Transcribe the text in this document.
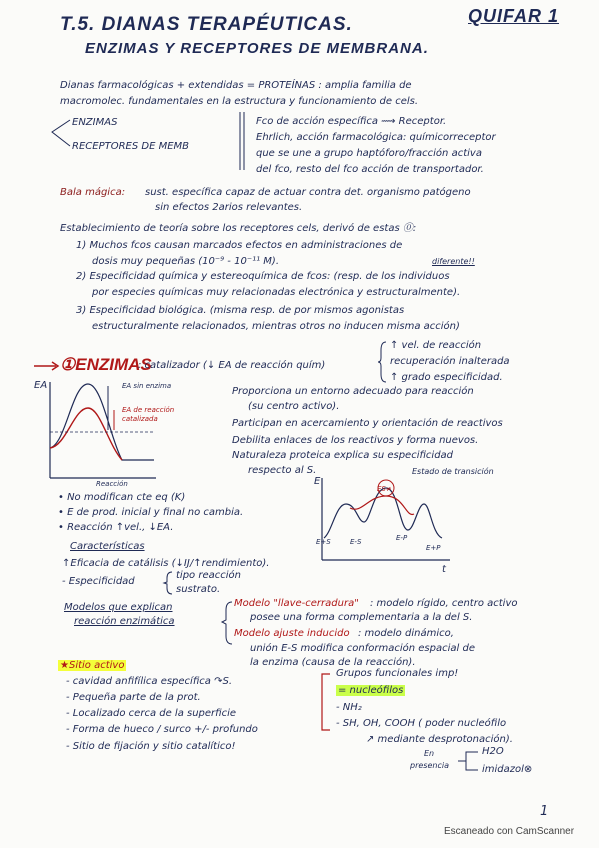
T.5. DIANAS TERAPÉUTICAS.
ENZIMAS Y RECEPTORES DE MEMBRANA.
QUIFAR 1
Dianas farmacológicas + extendidas = PROTEÍNAS : amplia familia de
macromolec. fundamentales en la estructura y funcionamiento de cels.
ENZIMAS
RECEPTORES DE MEMB
Fco de acción específica ⟿ Receptor.
Ehrlich, acción farmacológica: químicorreceptor
que se une a grupo haptóforo/fracción activa
del fco, resto del fco acción de transportador.
Bala mágica: sust. específica capaz de actuar contra det. organismo patógeno
sin efectos 2arios relevantes.
Establecimiento de teoría sobre los receptores cels, derivó de estas ⓪:
1) Muchos fcos causan marcados efectos en administraciones de
dosis muy pequeñas (10⁻⁹ - 10⁻¹¹ M).	diferente!!
2) Especificidad química y estereoquímica de fcos: (resp. de los individuos
por especies químicas muy relacionadas electrónica y estructuralmente).
3) Especificidad biológica. (misma resp. de por mismos agonistas
estructuralmente relacionados, mientras otros no inducen misma acción)
①ENZIMAS
: catalizador (↓ EA de reacción quím)
↑ vel. de reacción
recuperación inalterada
↑ grado especificidad.
EA	EA sin enzima
EA de reacción
catalizada
Reacción
Proporciona un entorno adecuado para reacción
(su centro activo).
Participan en acercamiento y orientación de reactivos
Debilita enlaces de los reactivos y forma nuevos.
Naturaleza proteica explica su especificidad
respecto al S.
• No modifican cte eq (K)
• E de prod. inicial y final no cambia.
• Reacción ↑vel., ↓EA.
E
t
ES≠
E+S	E-S	E-P
E+P
Estado de transición
Características
↑Eficacia de catálisis (↓IJ/↑rendimiento).
- Especificidad
tipo reacción
sustrato.
Modelos que explican
reacción enzimática
Modelo "llave-cerradura" : modelo rígido, centro activo
posee una forma complementaria a la del S.
Modelo ajuste inducido : modelo dinámico,
unión E-S modifica conformación espacial de
la enzima (causa de la reacción).
★Sitio activo
- cavidad anfifílica específica ↷S.
- Pequeña parte de la prot.
- Localizado cerca de la superficie
- Forma de hueco / surco +/- profundo
- Sitio de fijación y sitio catalítico!
Grupos funcionales imp!
= nucleófilos
- NH₂
- SH, OH, COOH ( poder nucleófilo
↗ mediante desprotonación).
En
presencia
H2O
imidazol⊗
1
Escaneado con CamScanner
